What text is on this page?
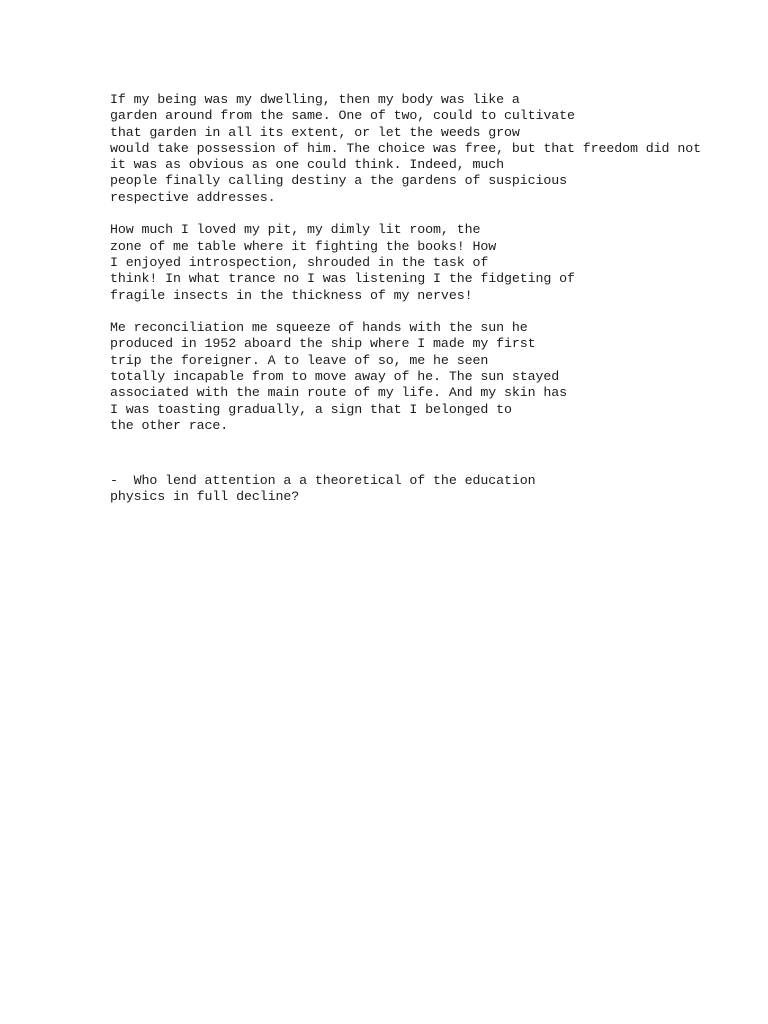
If my being was my dwelling, then my body was like a
garden around from the same. One of two, could to cultivate
that garden in all its extent, or let the weeds grow
would take possession of him. The choice was free, but that freedom did not
it was as obvious as one could think. Indeed, much
people finally calling destiny a the gardens of suspicious
respective addresses.

How much I loved my pit, my dimly lit room, the
zone of me table where it fighting the books! How
I enjoyed introspection, shrouded in the task of
think! In what trance no I was listening I the fidgeting of
fragile insects in the thickness of my nerves!

Me reconciliation me squeeze of hands with the sun he
produced in 1952 aboard the ship where I made my first
trip the foreigner. A to leave of so, me he seen
totally incapable from to move away of he. The sun stayed
associated with the main route of my life. And my skin has
I was toasting gradually, a sign that I belonged to
the other race.

-  Who lend attention a a theoretical of the education
physics in full decline?
